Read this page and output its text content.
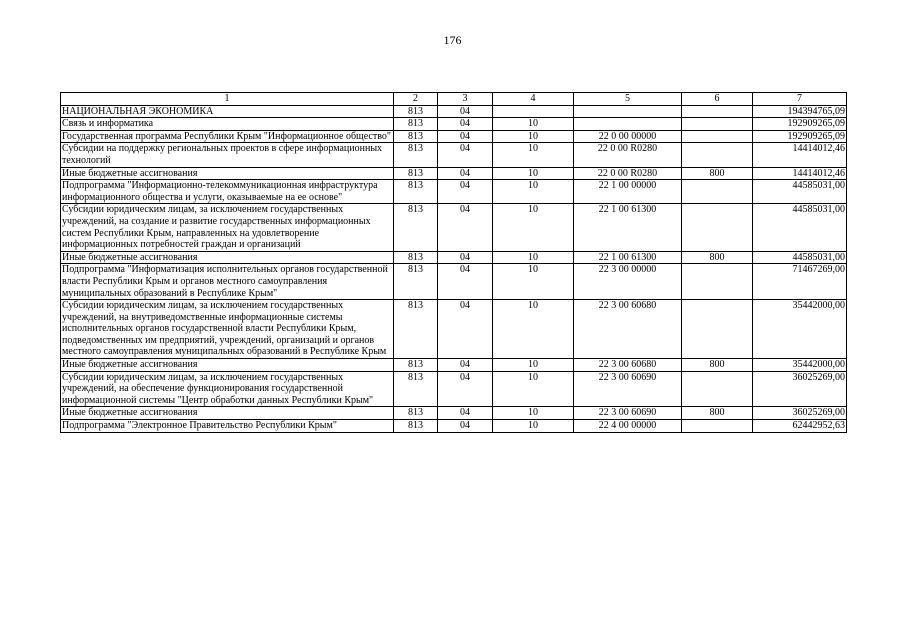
176
1	2	3	4	5	6	7
НАЦИОНАЛЬНАЯ ЭКОНОМИКА	813	04				194394765,09
Связь и информатика	813	04	10			192909265,09
Государственная программа Республики Крым "Информационное общество"	813	04	10	22 0 00 00000		192909265,09
Субсидии на поддержку региональных проектов в сфере информационных технологий	813	04	10	22 0 00 R0280		14414012,46
Иные бюджетные ассигнования	813	04	10	22 0 00 R0280	800	14414012,46
Подпрограмма "Информационно-телекоммуникационная инфраструктура информационного общества и услуги, оказываемые на ее основе"	813	04	10	22 1 00 00000		44585031,00
Субсидии юридическим лицам, за исключением государственных учреждений, на создание и развитие государственных информационных систем Республики Крым, направленных на удовлетворение информационных потребностей граждан и организаций	813	04	10	22 1 00 61300		44585031,00
Иные бюджетные ассигнования	813	04	10	22 1 00 61300	800	44585031,00
Подпрограмма "Информатизация исполнительных органов государственной власти Республики Крым и органов местного самоуправления муниципальных образований в Республике Крым"	813	04	10	22 3 00 00000		71467269,00
Субсидии юридическим лицам, за исключением государственных учреждений, на внутриведомственные информационные системы исполнительных органов государственной власти Республики Крым, подведомственных им предприятий, учреждений, организаций и органов местного самоуправления муниципальных образований в Республике Крым	813	04	10	22 3 00 60680		35442000,00
Иные бюджетные ассигнования	813	04	10	22 3 00 60680	800	35442000,00
Субсидии юридическим лицам, за исключением государственных учреждений, на обеспечение функционирования государственной информационной системы "Центр обработки данных Республики Крым"	813	04	10	22 3 00 60690		36025269,00
Иные бюджетные ассигнования	813	04	10	22 3 00 60690	800	36025269,00
Подпрограмма "Электронное Правительство Республики Крым"	813	04	10	22 4 00 00000		62442952,63
